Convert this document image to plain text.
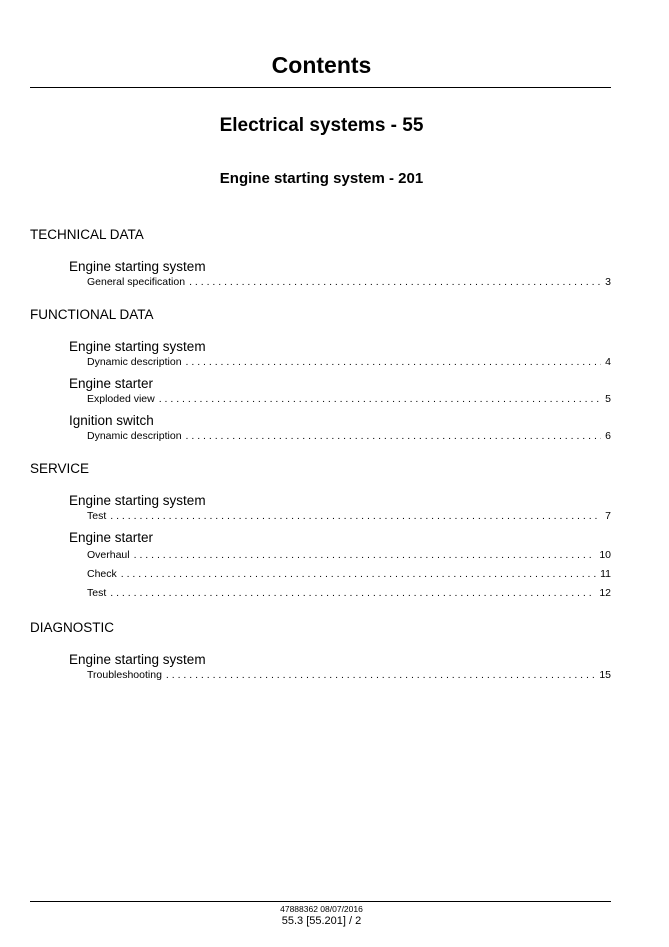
Contents
Electrical systems - 55
Engine starting system - 201
TECHNICAL DATA
Engine starting system
General specification . . .	3
FUNCTIONAL DATA
Engine starting system
Dynamic description . . .	4
Engine starter
Exploded view . . .	5
Ignition switch
Dynamic description . . .	6
SERVICE
Engine starting system
Test . . .	7
Engine starter
Overhaul . . .	10
Check . . .	11
Test . . .	12
DIAGNOSTIC
Engine starting system
Troubleshooting . . .	15
47888362 08/07/2016
55.3 [55.201] / 2
